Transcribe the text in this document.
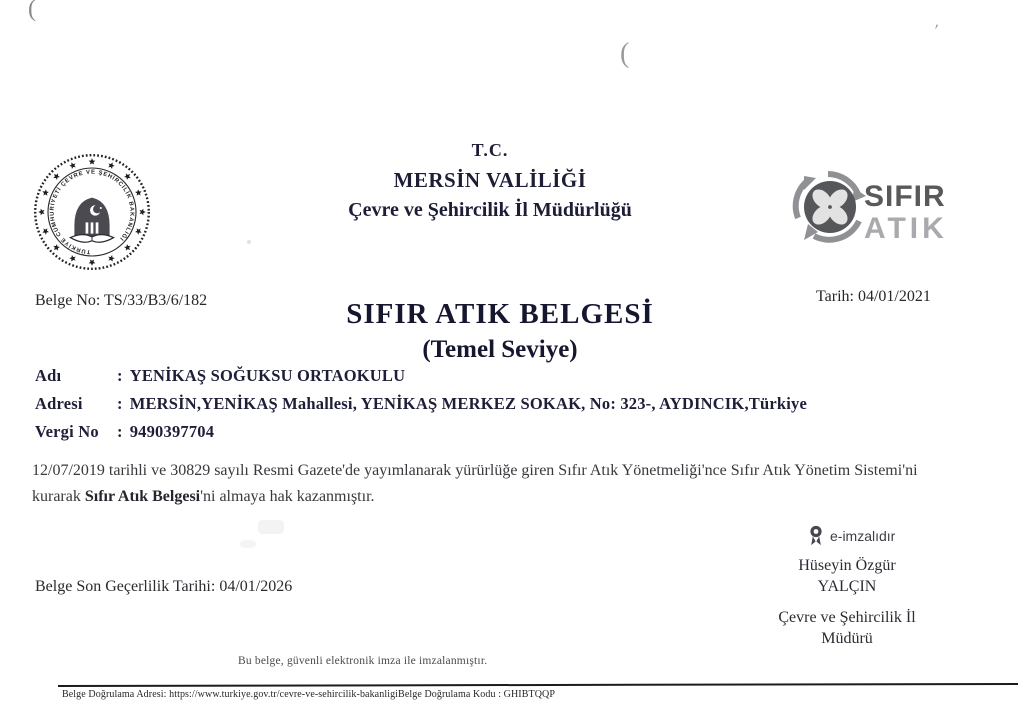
(
(
'
TÜRKİYE CUMHURİYETİ ÇEVRE VE ŞEHİRCİLİK BAKANLIĞI
T.C.
MERSİN VALİLİĞİ
Çevre ve Şehircilik İl Müdürlüğü	SIFIR
ATIK
Belge No: TS/33/B3/6/182	Tarih: 04/01/2021
SIFIR ATIK BELGESİ
(Temel Seviye)
Adı	: YENİKAŞ SOĞUKSU ORTAOKULU
Adresi : MERSİN,YENİKAŞ Mahallesi, YENİKAŞ MERKEZ SOKAK, No: 323-, AYDINCIK,Türkiye
Vergi No : 9490397704
12/07/2019 tarihli ve 30829 sayılı Resmi Gazete'de yayımlanarak yürürlüğe giren Sıfır Atık Yönetmeliği'nce Sıfır Atık Yönetim Sistemi'ni kurarak Sıfır Atık Belgesi'ni almaya hak kazanmıştır.
Belge Son Geçerlilik Tarihi: 04/01/2026
e-imzalıdır
Hüseyin Özgür
YALÇIN
Çevre ve Şehircilik İl
Müdürü
Bu belge, güvenli elektronik imza ile imzalanmıştır.
Belge Doğrulama Adresi: https://www.turkiye.gov.tr/cevre-ve-sehircilik-bakanligiBelge Doğrulama Kodu : GHIBTQQP
